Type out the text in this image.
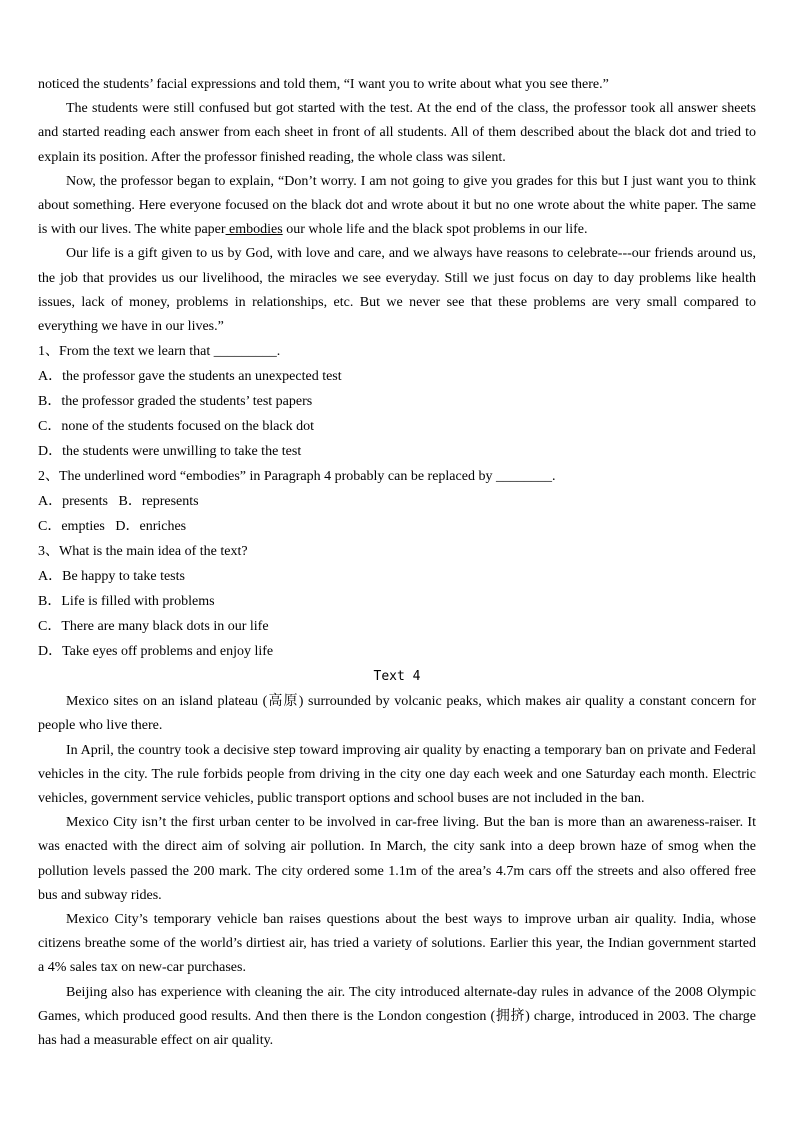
noticed the students’ facial expressions and told them, “I want you to write about what you see there.”

The students were still confused but got started with the test. At the end of the class, the professor took all answer sheets and started reading each answer from each sheet in front of all students. All of them described about the black dot and tried to explain its position. After the professor finished reading, the whole class was silent.

Now, the professor began to explain, “Don’t worry. I am not going to give you grades for this but I just want you to think about something. Here everyone focused on the black dot and wrote about it but no one wrote about the white paper. The same is with our lives. The white paper embodies our whole life and the black spot problems in our life.

Our life is a gift given to us by God, with love and care, and we always have reasons to celebrate---our friends around us, the job that provides us our livelihood, the miracles we see everyday. Still we just focus on day to day problems like health issues, lack of money, problems in relationships, etc. But we never see that these problems are very small compared to everything we have in our lives.”

1、From the text we learn that _________.

A．the professor gave the students an unexpected test

B．the professor graded the students’ test papers

C．none of the students focused on the black dot

D．the students were unwilling to take the test

2、The underlined word “embodies” in Paragraph 4 probably can be replaced by ________.

A．presents   B．represents

C．empties   D．enriches

3、What is the main idea of the text?

A．Be happy to take tests

B．Life is filled with problems

C．There are many black dots in our life

D．Take eyes off problems and enjoy life

Text 4

Mexico sites on an island plateau (高原) surrounded by volcanic peaks, which makes air quality a constant concern for people who live there.

In April, the country took a decisive step toward improving air quality by enacting a temporary ban on private and Federal vehicles in the city. The rule forbids people from driving in the city one day each week and one Saturday each month. Electric vehicles, government service vehicles, public transport options and school buses are not included in the ban.

Mexico City isn’t the first urban center to be involved in car-free living. But the ban is more than an awareness-raiser. It was enacted with the direct aim of solving air pollution. In March, the city sank into a deep brown haze of smog when the pollution levels passed the 200 mark. The city ordered some 1.1m of the area’s 4.7m cars off the streets and also offered free bus and subway rides.

Mexico City’s temporary vehicle ban raises questions about the best ways to improve urban air quality. India, whose citizens breathe some of the world’s dirtiest air, has tried a variety of solutions. Earlier this year, the Indian government started a 4% sales tax on new-car purchases.

Beijing also has experience with cleaning the air. The city introduced alternate-day rules in advance of the 2008 Olympic Games, which produced good results. And then there is the London congestion (拥挤) charge, introduced in 2003. The charge has had a measurable effect on air quality.
